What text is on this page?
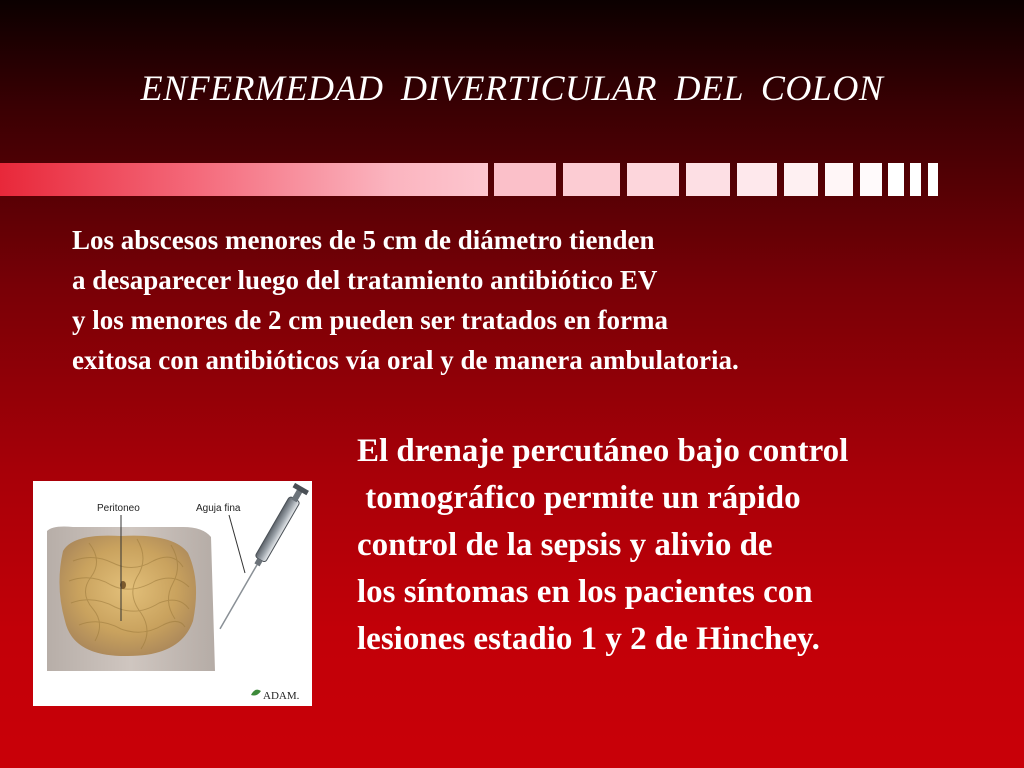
ENFERMEDAD DIVERTICULAR DEL COLON
Los abscesos menores de 5 cm de diámetro tienden
a desaparecer luego del tratamiento antibiótico EV
y los menores de 2 cm pueden ser tratados en forma
exitosa con antibióticos vía oral y de manera ambulatoria.
El drenaje percutáneo bajo control
tomográfico permite un rápido
control de la sepsis y alivio de
los síntomas en los pacientes con
lesiones estadio 1 y 2 de Hinchey.
Peritoneo	Aguja fina
ADAM.
